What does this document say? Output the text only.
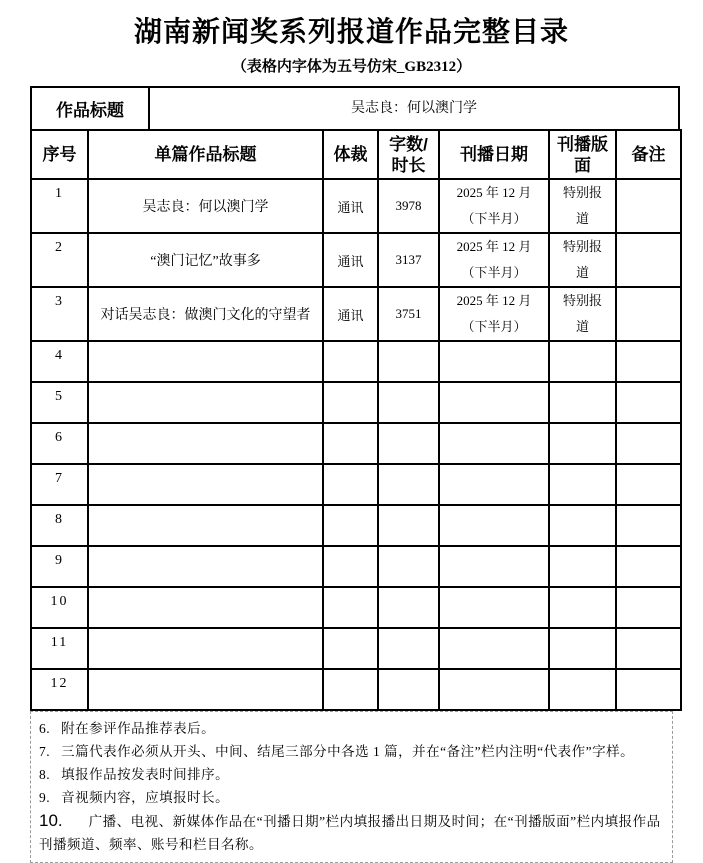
湖南新闻奖系列报道作品完整目录
（表格内字体为五号仿宋_GB2312）
作品标题	吴志良：何以澳门学
序号	单篇作品标题	体裁	字数/时长	刊播日期	刊播版面	备注
1	吴志良：何以澳门学	通讯	3978	2025 年 12 月 （下半月）	特别报道	
2	“澳门记忆”故事多	通讯	3137	2025 年 12 月 （下半月）	特别报道	
3	对话吴志良：做澳门文化的守望者	通讯	3751	2025 年 12 月 （下半月）	特别报道	
4						
5						
6						
7						
8						
9						
10						
11						
12						
6. 附在参评作品推荐表后。
7. 三篇代表作必须从开头、中间、结尾三部分中各选 1 篇，并在“备注”栏内注明“代表作”字样。
8. 填报作品按发表时间排序。
9. 音视频内容，应填报时长。
10. 广播、电视、新媒体作品在“刊播日期”栏内填报播出日期及时间；在“刊播版面”栏内填报作品刊播频道、频率、账号和栏目名称。
